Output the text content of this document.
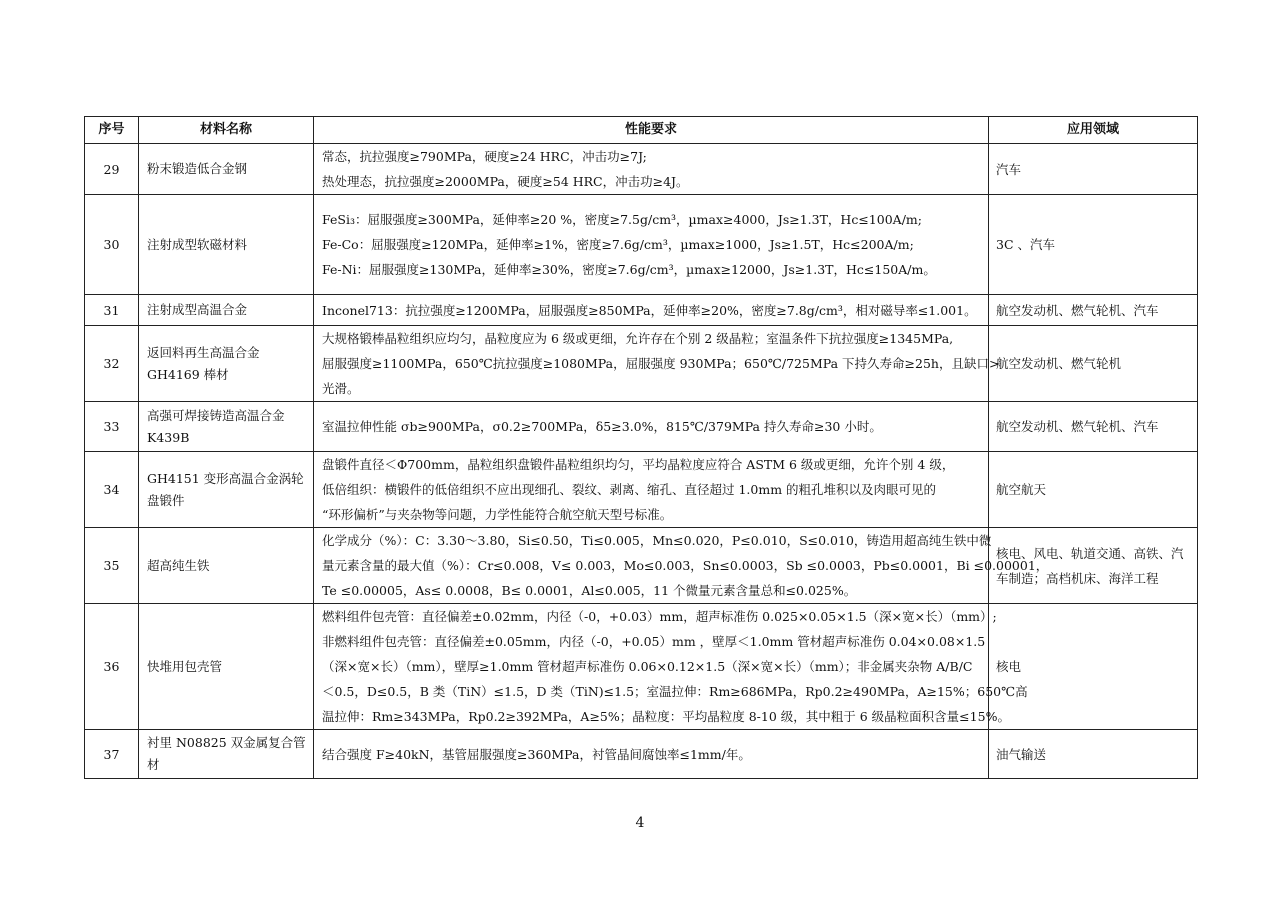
序号	材料名称	性能要求	应用领域
29	粉末锻造低合金钢	常态，抗拉强度≥790MPa，硬度≥24 HRC，冲击功≥7J;
热处理态，抗拉强度≥2000MPa，硬度≥54 HRC，冲击功≥4J。	汽车
30	注射成型软磁材料	FeSi₃：屈服强度≥300MPa，延伸率≥20 %，密度≥7.5g/cm³，µmax≥4000，Js≥1.3T，Hc≤100A/m;
Fe-Co：屈服强度≥120MPa，延伸率≥1%，密度≥7.6g/cm³，µmax≥1000，Js≥1.5T，Hc≤200A/m;
Fe-Ni：屈服强度≥130MPa，延伸率≥30%，密度≥7.6g/cm³，µmax≥12000，Js≥1.3T，Hc≤150A/m。	3C 、汽车
31	注射成型高温合金	Inconel713：抗拉强度≥1200MPa，屈服强度≥850MPa，延伸率≥20%，密度≥7.8g/cm³，相对磁导率≤1.001。	航空发动机、燃气轮机、汽车
32	返回料再生高温合金 GH4169 棒材	大规格锻棒晶粒组织应均匀，晶粒度应为 6 级或更细，允许存在个别 2 级晶粒；室温条件下抗拉强度≥1345MPa,
屈服强度≥1100MPa，650℃抗拉强度≥1080MPa，屈服强度 930MPa；650℃/725MPa 下持久寿命≥25h，且缺口>
光滑。	航空发动机、燃气轮机
33	高强可焊接铸造高温合金 K439B	室温拉伸性能 σb≥900MPa，σ0.2≥700MPa，δ5≥3.0%，815℃/379MPa 持久寿命≥30 小时。	航空发动机、燃气轮机、汽车
34	GH4151 变形高温合金涡轮盘锻件	盘锻件直径＜Φ700mm，晶粒组织盘锻件晶粒组织均匀，平均晶粒度应符合 ASTM 6 级或更细，允许个别 4 级，
低倍组织：横锻件的低倍组织不应出现细孔、裂纹、剥离、缩孔、直径超过 1.0mm 的粗孔堆积以及肉眼可见的
“环形偏析”与夹杂物等问题，力学性能符合航空航天型号标准。	航空航天
35	超高纯生铁	化学成分（%）：C：3.30～3.80，Si≤0.50，Ti≤0.005，Mn≤0.020，P≤0.010，S≤0.010，铸造用超高纯生铁中微
量元素含量的最大值（%）：Cr≤0.008，V≤ 0.003，Mo≤0.003，Sn≤0.0003，Sb ≤0.0003，Pb≤0.0001，Bi ≤0.00001，
Te ≤0.00005，As≤ 0.0008，B≤ 0.0001，Al≤0.005，11 个微量元素含量总和≤0.025%。	核电、风电、轨道交通、高铁、汽车制造；高档机床、海洋工程
36	快堆用包壳管	燃料组件包壳管：直径偏差±0.02mm，内径（-0，+0.03）mm，超声标准伤 0.025×0.05×1.5（深×宽×长）（mm）;
非燃料组件包壳管：直径偏差±0.05mm，内径（-0，+0.05）mm ，壁厚＜1.0mm 管材超声标准伤 0.04×0.08×1.5
（深×宽×长）（mm），壁厚≥1.0mm 管材超声标准伤 0.06×0.12×1.5（深×宽×长）（mm）；非金属夹杂物 A/B/C
＜0.5，D≤0.5，B 类（TiN）≤1.5，D 类（TiN)≤1.5；室温拉伸：Rm≥686MPa，Rp0.2≥490MPa，A≥15%；650℃高
温拉伸：Rm≥343MPa，Rp0.2≥392MPa，A≥5%；晶粒度：平均晶粒度 8-10 级，其中粗于 6 级晶粒面积含量≤15%。	核电
37	衬里 N08825 双金属复合管材	结合强度 F≥40kN，基管屈服强度≥360MPa，衬管晶间腐蚀率≤1mm/年。	油气输送
4
